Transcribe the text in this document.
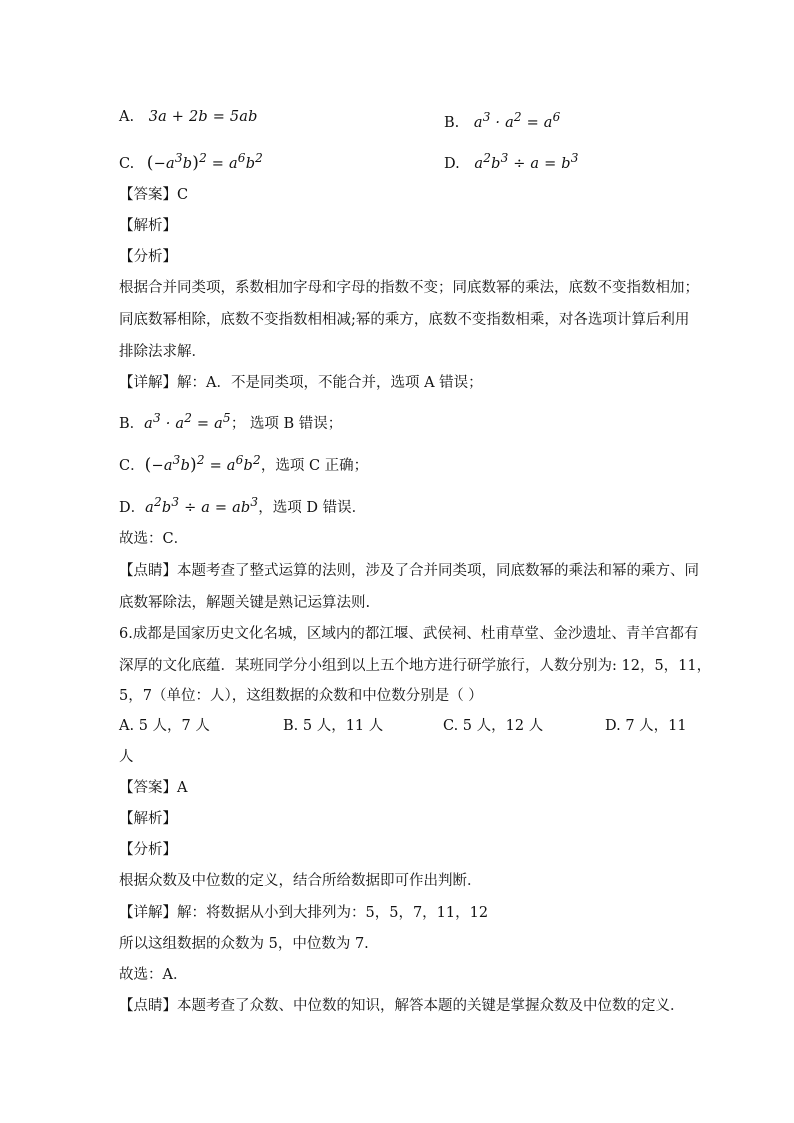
A. 3a + 2b = 5ab	B. $a^3 \cdot a^2 = a^6$
C. $(-a^3b)^2 = a^6b^2$	D. $a^2b^3 \div a = b^3$
【答案】C
【解析】
【分析】
根据合并同类项，系数相加字母和字母的指数不变；同底数幂的乘法，底数不变指数相加；
同底数幂相除，底数不变指数相相减;幂的乘方，底数不变指数相乘，对各选项计算后利用
排除法求解．
【详解】解：A．不是同类项，不能合并，选项 A 错误；
B．$a^3 \cdot a^2 = a^5$； 选项 B 错误；
C．$(-a^3b)^2 = a^6b^2$，选项 C 正确；
D．$a^2b^3 \div a = ab^3$，选项 D 错误．
故选：C．
【点睛】本题考查了整式运算的法则，涉及了合并同类项，同底数幂的乘法和幂的乘方、同
底数幂除法，解题关键是熟记运算法则.
6.成都是国家历史文化名城，区域内的都江堰、武侯祠、杜甫草堂、金沙遗址、青羊宫都有
深厚的文化底蕴．某班同学分小组到以上五个地方进行研学旅行，人数分别为: 12，5，11，
5，7（单位：人），这组数据的众数和中位数分别是（ ）
A. 5 人，7 人	B. 5 人，11 人	C. 5 人，12 人	D. 7 人，11
人
【答案】A
【解析】
【分析】
根据众数及中位数的定义，结合所给数据即可作出判断．
【详解】解：将数据从小到大排列为：5，5，7，11，12
所以这组数据的众数为 5，中位数为 7.
故选：A．
【点睛】本题考查了众数、中位数的知识，解答本题的关键是掌握众数及中位数的定义．
